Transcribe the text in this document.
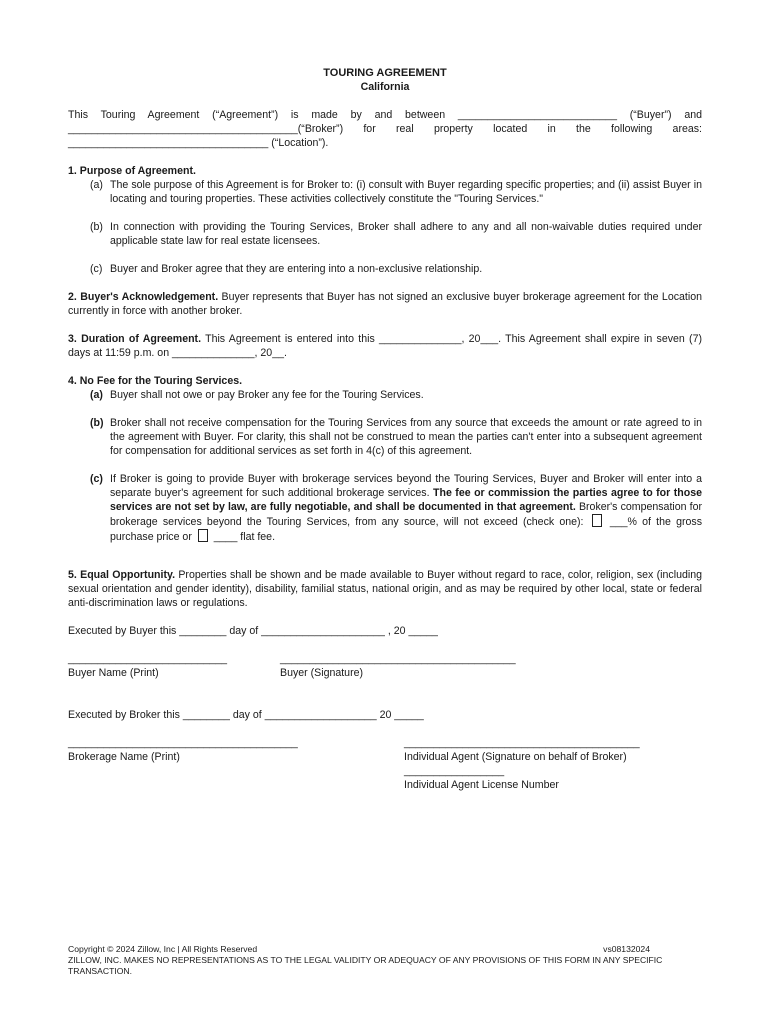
TOURING AGREEMENT
California
This Touring Agreement (“Agreement”) is made by and between ___________________________ (“Buyer”) and
_______________________________________(“Broker”) for real property located in the following areas:
__________________________________ (“Location”).
1. Purpose of Agreement.
(a) The sole purpose of this Agreement is for Broker to: (i) consult with Buyer regarding specific properties; and (ii) assist Buyer in locating and touring properties. These activities collectively constitute the "Touring Services."
(b) In connection with providing the Touring Services, Broker shall adhere to any and all non-waivable duties required under applicable state law for real estate licensees.
(c) Buyer and Broker agree that they are entering into a non-exclusive relationship.
2. Buyer's Acknowledgement. Buyer represents that Buyer has not signed an exclusive buyer brokerage agreement for the Location currently in force with another broker.
3. Duration of Agreement. This Agreement is entered into this ______________, 20___. This Agreement shall expire in seven (7) days at 11:59 p.m. on ______________, 20__.
4. No Fee for the Touring Services.
(a) Buyer shall not owe or pay Broker any fee for the Touring Services.
(b) Broker shall not receive compensation for the Touring Services from any source that exceeds the amount or rate agreed to in the agreement with Buyer. For clarity, this shall not be construed to mean the parties can't enter into a subsequent agreement for compensation for additional services as set forth in 4(c) of this agreement.
(c) If Broker is going to provide Buyer with brokerage services beyond the Touring Services, Buyer and Broker will enter into a separate buyer's agreement for such additional brokerage services. The fee or commission the parties agree to for those services are not set by law, are fully negotiable, and shall be documented in that agreement. Broker's compensation for brokerage services beyond the Touring Services, from any source, will not exceed (check one): ___% of the gross purchase price or ____ flat fee.
5. Equal Opportunity. Properties shall be shown and be made available to Buyer without regard to race, color, religion, sex (including sexual orientation and gender identity), disability, familial status, national origin, and as may be required by other local, state or federal anti-discrimination laws or regulations.
Executed by Buyer this ________ day of _____________________ , 20 _____
___________________________	________________________________________
Buyer Name (Print)	Buyer (Signature)
Executed by Broker this ________ day of ___________________ 20 _____
_______________________________________	________________________________________
Brokerage Name (Print)	Individual Agent (Signature on behalf of Broker)
_________________
Individual Agent License Number
Copyright © 2024 Zillow, Inc | All Rights Reserved	vs08132024
ZILLOW, INC. MAKES NO REPRESENTATIONS AS TO THE LEGAL VALIDITY OR ADEQUACY OF ANY PROVISIONS OF THIS FORM IN ANY SPECIFIC TRANSACTION.
